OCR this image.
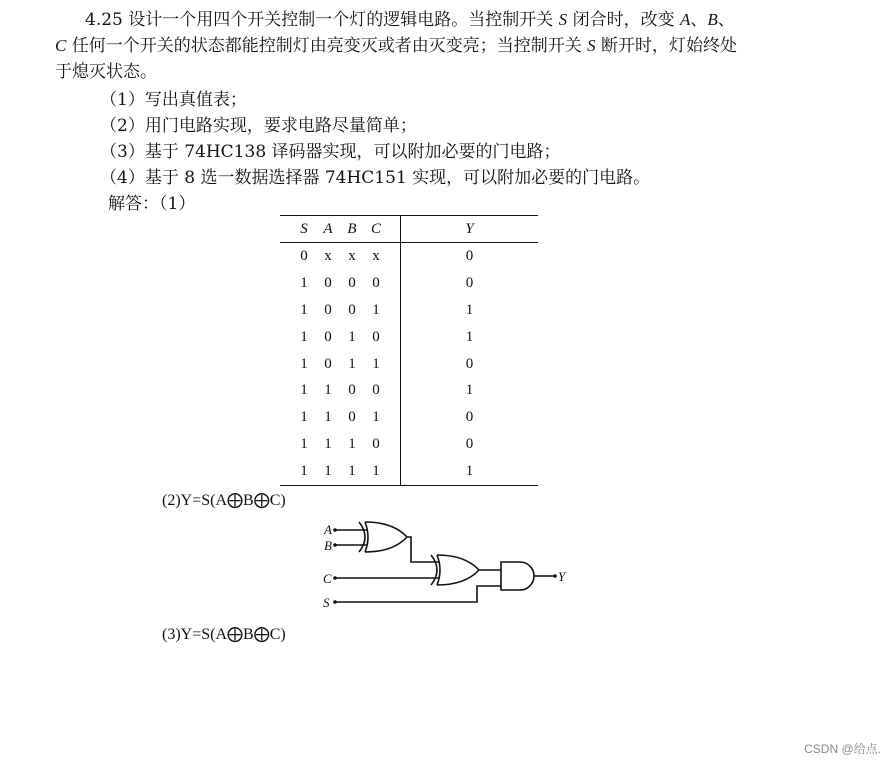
4.25 设计一个用四个开关控制一个灯的逻辑电路。当控制开关 S 闭合时，改变 A、B、
C 任何一个开关的状态都能控制灯由亮变灭或者由灭变亮；当控制开关 S 断开时，灯始终处
于熄灭状态。
（1）写出真值表；
（2）用门电路实现，要求电路尽量简单；
（3）基于 74HC138 译码器实现，可以附加必要的门电路；
（4）基于 8 选一数据选择器 74HC151 实现，可以附加必要的门电路。
解答：（1）
S A B C	Y
0 x x x	0
1 0 0 0	0
1 0 0 1	1
1 0 1 0	1
1 0 1 1	0
1 1 0 0	1
1 1 0 1	0
1 1 1 0	0
1 1 1 1	1
(2)Y=S(A⨁B⨁C)
A
B
C
S
Y
(3)Y=S(A⨁B⨁C)
CSDN @给点.
